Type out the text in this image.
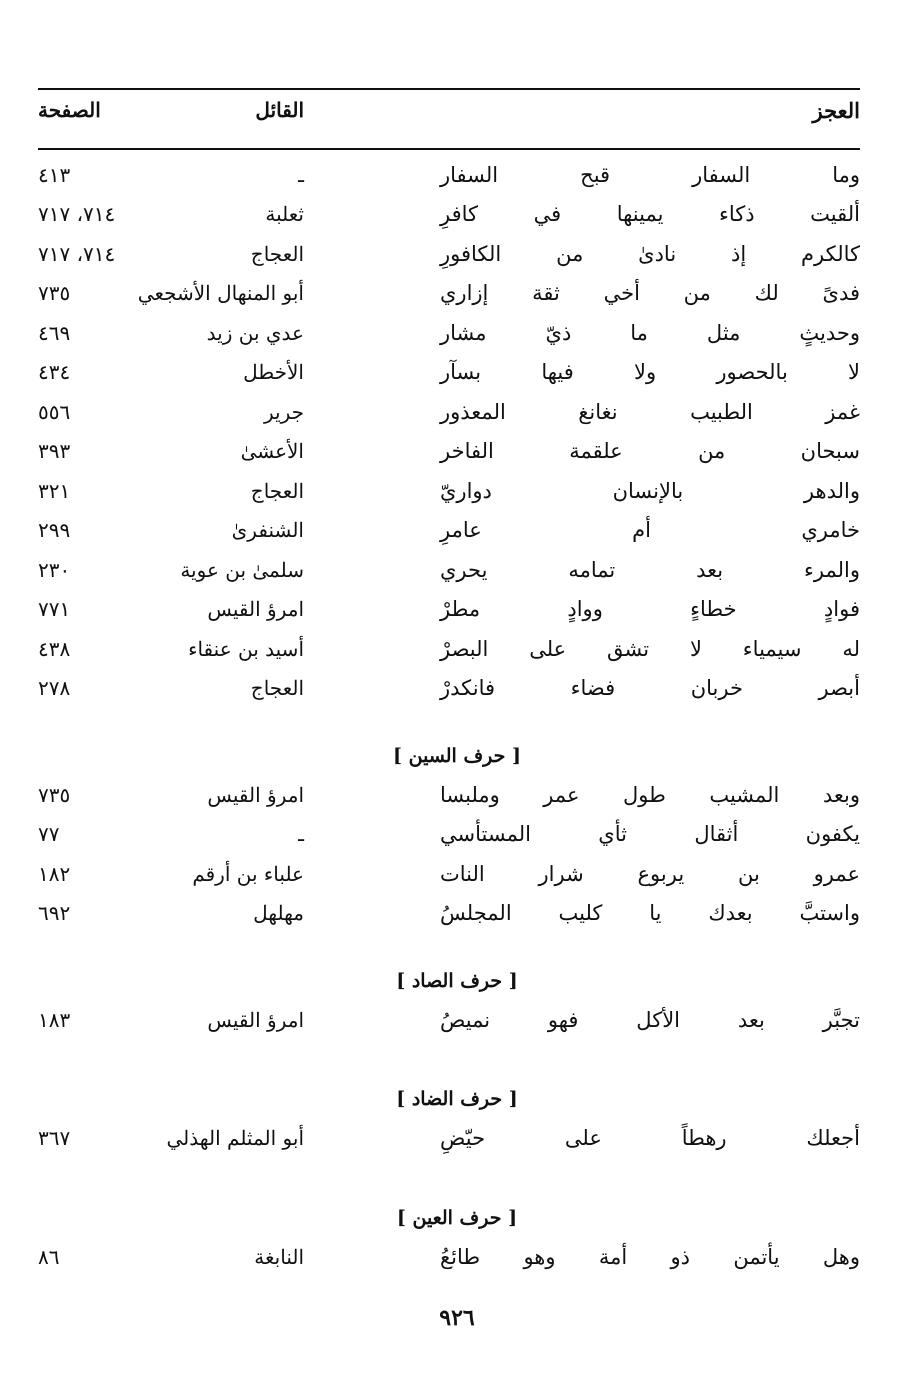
العجز
القائل
الصفحة
وما السفار قبح السفار
ـ
٤١٣
ألقيت ذكاء يمينها في كافرِ
ثعلبة
٧١٤، ٧١٧
كالكرم إذ نادىٰ من الكافورِ
العجاج
٧١٤، ٧١٧
فدىً لك من أخي ثقة إزاري
أبو المنهال الأشجعي
٧٣٥
وحديثٍ مثل ما ذيّ مشار
عدي بن زيد
٤٦٩
لا بالحصور ولا فيها بسآر
الأخطل
٤٣٤
غمز الطبيب نغانغ المعذور
جرير
٥٥٦
سبحان من علقمة الفاخر
الأعشىٰ
٣٩٣
والدهر بالإنسان دواريّ
العجاج
٣٢١
خامري أم عامرِ
الشنفرىٰ
٢٩٩
والمرء بعد تمامه يحري
سلمىٰ بن عوية
٢٣٠
فوادٍ خطاءٍ ووادٍ مطرْ
امرؤ القيس
٧٧١
له سيمياء لا تشق على البصرْ
أسيد بن عنقاء
٤٣٨
أبصر خربان فضاء فانكدرْ
العجاج
٢٧٨
[ حرف السين ]
وبعد المشيب طول عمر وملبسا
امرؤ القيس
٧٣٥
يكفون أثقال ثأي المستأسي
ـ
٧٧
عمرو بن يربوع شرار النات
علباء بن أرقم
١٨٢
واستبَّ بعدك يا كليب المجلسُ
مهلهل
٦٩٢
[ حرف الصاد ]
تجبَّر بعد الأكل فهو نميصُ
امرؤ القيس
١٨٣
[ حرف الضاد ]
أجعلك رهطاً على حيّضِ
أبو المثلم الهذلي
٣٦٧
[ حرف العين ]
وهل يأتمن ذو أمة وهو طائعُ
النابغة
٨٦
٩٢٦
